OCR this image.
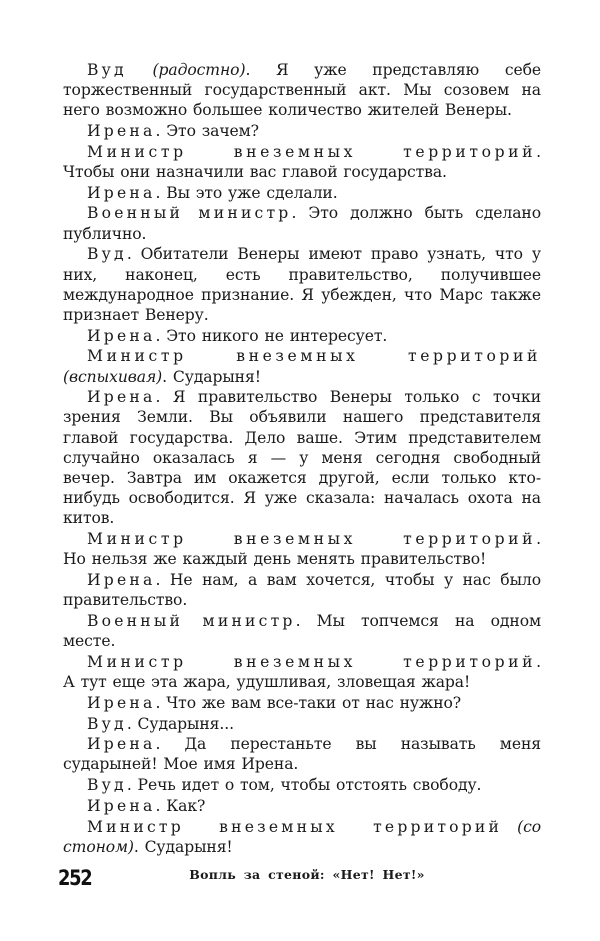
Вуд (радостно). Я уже представляю себе торжественный государственный акт. Мы созовем на него возможно большее количество жителей Венеры.

Ирена. Это зачем?

Министр внеземных территорий. Чтобы они назначили вас главой государства.

Ирена. Вы это уже сделали.

Военный министр. Это должно быть сделано публично.

Вуд. Обитатели Венеры имеют право узнать, что у них, наконец, есть правительство, получившее международное признание. Я убежден, что Марс также признает Венеру.

Ирена. Это никого не интересует.

Министр внеземных территорий (вспыхивая). Сударыня!

Ирена. Я правительство Венеры только с точки зрения Земли. Вы объявили нашего представителя главой государства. Дело ваше. Этим представителем случайно оказалась я — у меня сегодня свободный вечер. Завтра им окажется другой, если только кто-нибудь освободится. Я уже сказала: началась охота на китов.

Министр внеземных территорий. Но нельзя же каждый день менять правительство!

Ирена. Не нам, а вам хочется, чтобы у нас было правительство.

Военный министр. Мы топчемся на одном месте.

Министр внеземных территорий. А тут еще эта жара, удушливая, зловещая жара!

Ирена. Что же вам все-таки от нас нужно?

Вуд. Сударыня...

Ирена. Да перестаньте вы называть меня сударыней! Мое имя Ирена.

Вуд. Речь идет о том, чтобы отстоять свободу.

Ирена. Как?

Министр внеземных территорий (со стоном). Сударыня!

Вопль за стеной: «Нет! Нет!»

252
